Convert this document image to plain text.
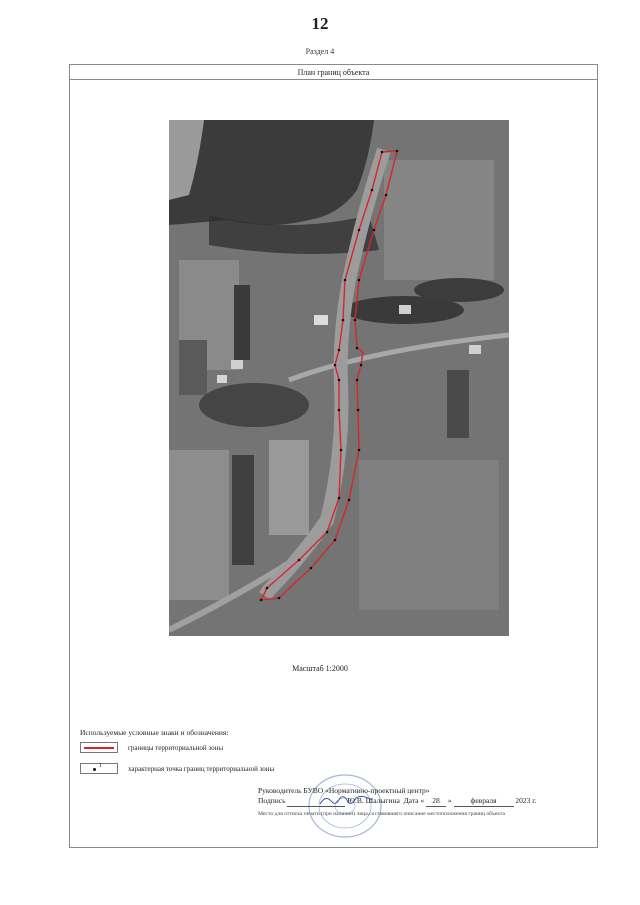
12
Раздел 4
План границ объекта
Масштаб 1:2000
Используемые условные знаки и обозначения:
границы территориальной зоны
1	характерная точка границ территориальной зоны
Руководитель БУВО «Нормативно-проектный центр»
Подпись	Ю.В. Шалыгина Дата « 28 »	февраля	2023 г.
Место для оттиска печати (при наличии) лица,составившего описание местоположения границ объекта
